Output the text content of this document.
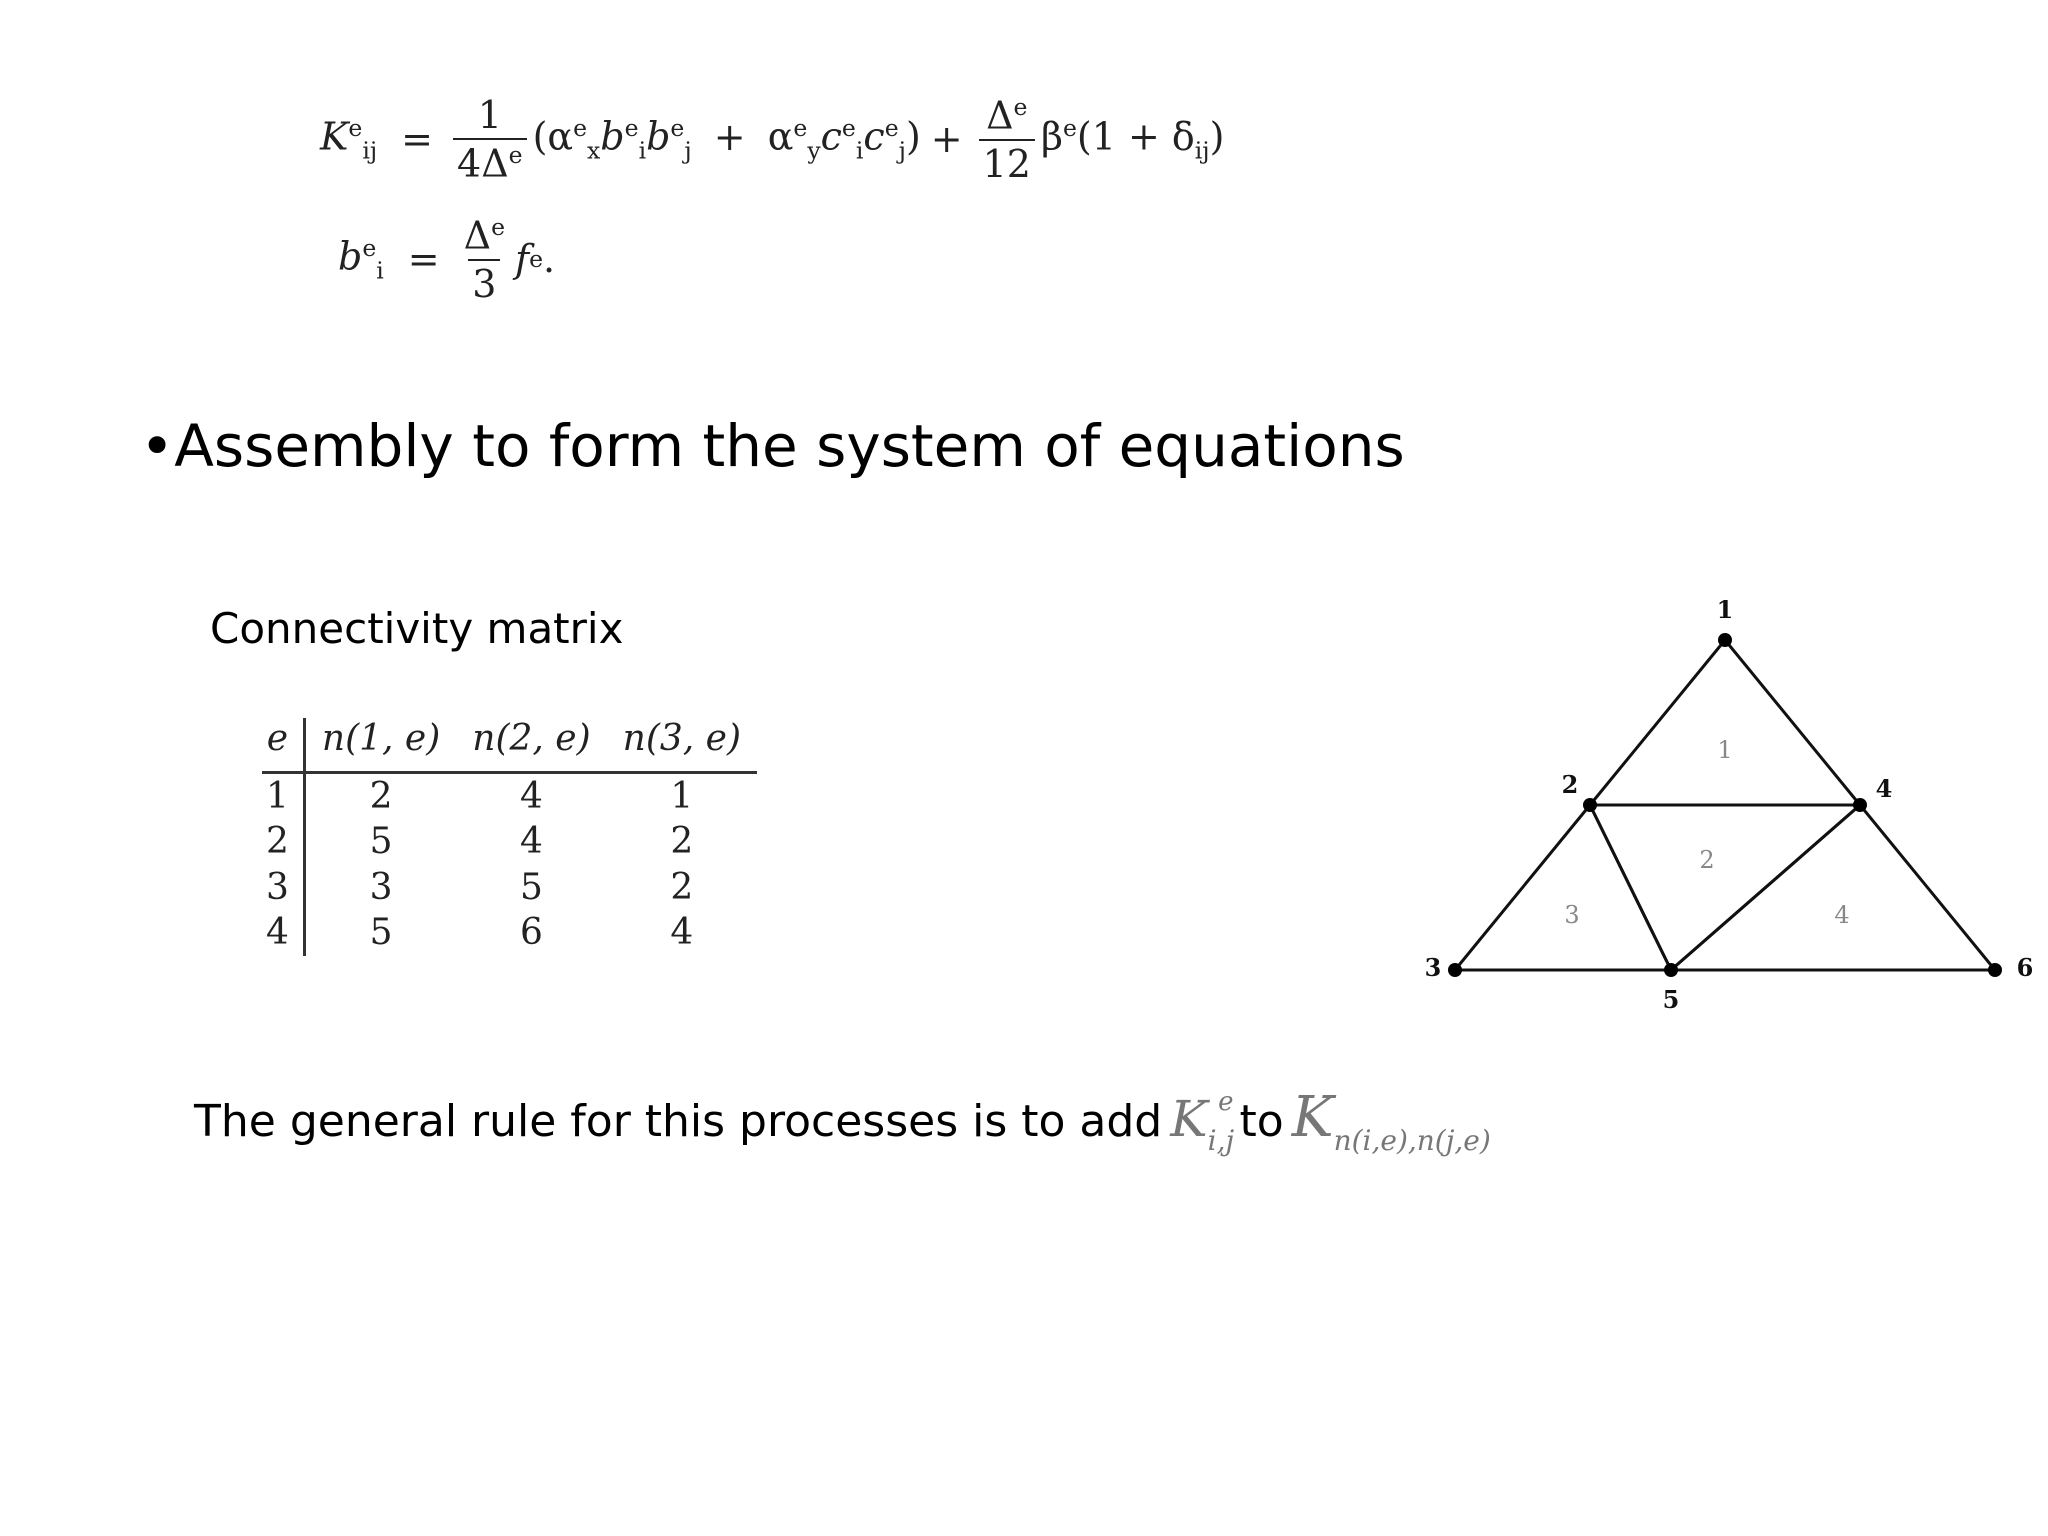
$K^e_{ij} = \frac{1}{4\Delta^e} (\alpha^e_xb^e_ib^e_j + \alpha^e_yc^e_ic^e_j) + \frac{\Delta^e}{12} \beta^e(1 + \delta_{ij})$
$b^e_i = \frac{\Delta^e}{3}$ f e .
•Assembly to form the system of equations
Connectivity matrix
e	n(1, e)	n(2, e)	n(3, e)
1	2	4	1
2	5	4	2
3	3	5	2
4	5	6	4
1
2
3	4
1
2
3
4
5
6
The general rule for this processes is to add $K_{i,j}^e$ to $K_{n(i,e),n(j,e)}$
